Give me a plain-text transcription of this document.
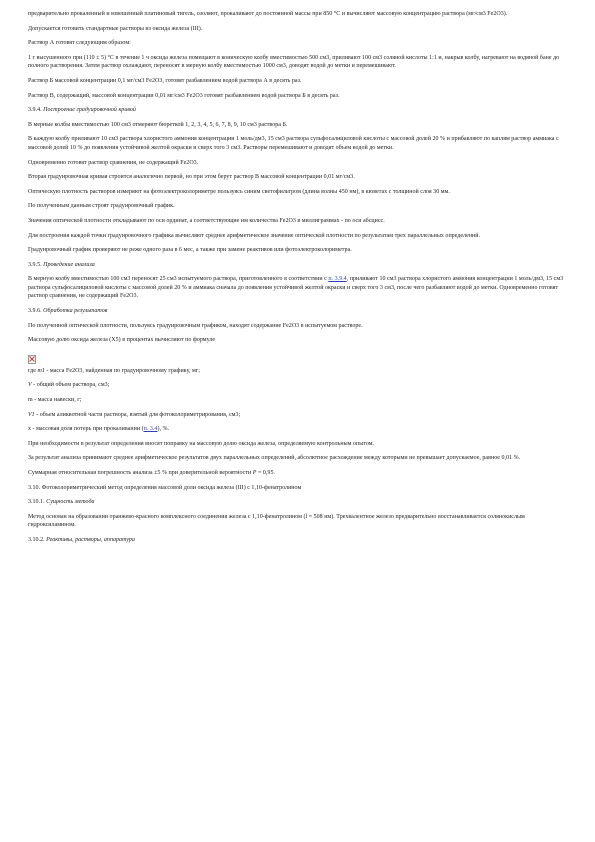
предварительно прокаленный и взвешенный платиновый тигель, озоляют, прокаливают до постоянной массы при 850 °С и вычисляют массовую концентрацию раствора (мг/см3 Fe2O3).

Допускается готовить стандартные растворы из оксида железа (III).

Раствор А готовят следующим образом:

1 г высушенного при (110 ± 5) °С в течение 1 ч оксида железа помещают в коническую колбу вместимостью 500 см3, приливают 100 см3 соляной кислоты 1:1 и, накрыв колбу, нагревают на водяной бане до полного растворения. Затем раствор охлаждают, переносят в мерную колбу вместимостью 1000 см3, доводят водой до метки и перемешивают.

Раствор Б массовой концентрации 0,1 мг/см3 Fe2O3, готовят разбавлением водой раствора А в десять раз.

Раствор В, содержащий, массовой концентрации 0,01 мг/см3 Fe2O3 готовят разбавлением водой раствора Б в десять раз.

3.9.4. Построение градуировочной кривой

В мерные колбы вместимостью 100 см3 отмеряют бюреткой 1, 2, 3, 4, 5, 6, 7, 8, 9, 10 см3 раствора Б.

В каждую колбу приливают 10 см3 раствора хлористого аммония концентрации 1 моль/дм3, 15 см3 раствора сульфосалициловой кислоты с массовой долей 20 % и прибавляют по каплям раствор аммиака с массовой долей 10 % до появления устойчивой желтой окраски и сверх того 3 см3. Растворы перемешивают и доводят объем водой до метки.

Одновременно готовят раствор сравнения, не содержащий Fe2O3.

Вторая градуировочная кривая строится аналогично первой, но при этом берут раствор В массовой концентрации 0,01 мг/см3.

Оптическую плотность растворов измеряют на фотоэлектроколориметре пользуясь синим светофильтром (длина волны 450 нм), в кюветах с толщиной слоя 30 мм.

По полученным данным строят градуировочный график.

Значения оптической плотности откладывают по оси ординат, а соответствующие им количества Fe2O3 в миллиграммах - по оси абсцисс.

Для построения каждой точки градуировочного графика вычисляют среднее арифметическое значение оптической плотности по результатам трех параллельных определений.

Градуировочный график проверяют не реже одного раза в 6 мес, а также при замене реактивов или фотоэлектроколориметра.

3.9.5. Проведение анализа

В мерную колбу вместимостью 100 см3 переносят 25 см3 испытуемого раствора, приготовленного в соответствии с п. 3.9.4, приливают 10 см3 раствора хлористого аммония концентрации 1 моль/дм3, 15 см3 раствора сульфосалициловой кислоты с массовой долей 20 % и аммиака сначала до появления устойчивой желтой окраски и сверх того 3 см3, после чего разбавляют водой до метки. Одновременно готовят раствор сравнения, не содержащий Fe2O3.

3.9.6. Обработка результатов

По полученной оптической плотности, пользуясь градуировочным графиком, находят содержание Fe2O3 в испытуемом растворе.

Массовую долю оксида железа (Х5) в процентах вычисляют по формуле

где m1 - масса Fe2O3, найденная по градуировочному графику, мг;

V - общий объем раствора, см3;

m - масса навески, г;

V1 - объем аликвотной части раствора, взятый для фотоколориметрирования, см3;

х - массовая доля потерь при прокаливании (п. 3.4), %.

При необходимости в результат определения вносят поправку на массовую долю оксида железа, определяемую контрольным опытом.

За результат анализа принимают среднее арифметическое результатов двух параллельных определений, абсолютное расхождение между которыми не превышает допускаемое, равное 0,01 %.

Суммарная относительная погрешность анализа ±5 % при доверительной вероятности Р = 0,95.

3.10. Фотоколориметрический метод определения массовой доли оксида железа (III) с 1,10-фенатролином

3.10.1. Сущность метода

Метод основан на образовании оранжево-красного комплексного соединения железа с 1,10-фенатролином (l = 508 нм). Трехвалентное железо предварительно восстанавливается солянокислым гидроксиламином.

3.10.2. Реактивы, растворы, аппаратура
